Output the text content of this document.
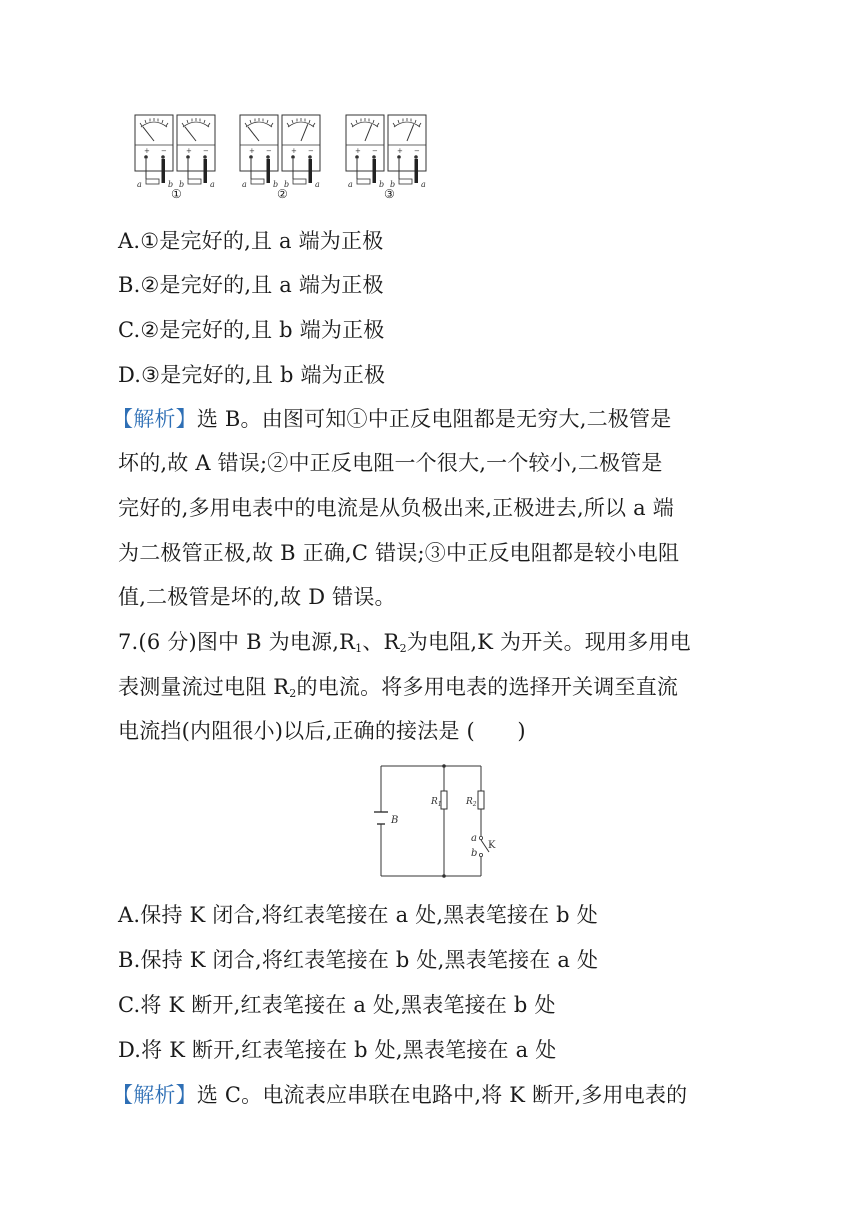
+	−
a	b b	a	a	b b	a	a	b b	a
①	②	③
A.①是完好的,且 a 端为正极
B.②是完好的,且 a 端为正极
C.②是完好的,且 b 端为正极
D.③是完好的,且 b 端为正极
【解析】选 B。由图可知①中正反电阻都是无穷大,二极管是
坏的,故 A 错误;②中正反电阻一个很大,一个较小,二极管是
完好的,多用电表中的电流是从负极出来,正极进去,所以 a 端
为二极管正极,故 B 正确,C 错误;③中正反电阻都是较小电阻
值,二极管是坏的,故 D 错误。
7.(6 分)图中 B 为电源$,R_1$、$R_2$为电阻,K 为开关。现用多用电
表测量流过电阻 $R_2$的电流。将多用电表的选择开关调至直流
电流挡(内阻很小)以后,正确的接法是 (　　)
B
$R_1$	$R_2$
a
b
K
A.保持 K 闭合,将红表笔接在 a 处,黑表笔接在 b 处
B.保持 K 闭合,将红表笔接在 b 处,黑表笔接在 a 处
C.将 K 断开,红表笔接在 a 处,黑表笔接在 b 处
D.将 K 断开,红表笔接在 b 处,黑表笔接在 a 处
【解析】选 C。电流表应串联在电路中,将 K 断开,多用电表的
